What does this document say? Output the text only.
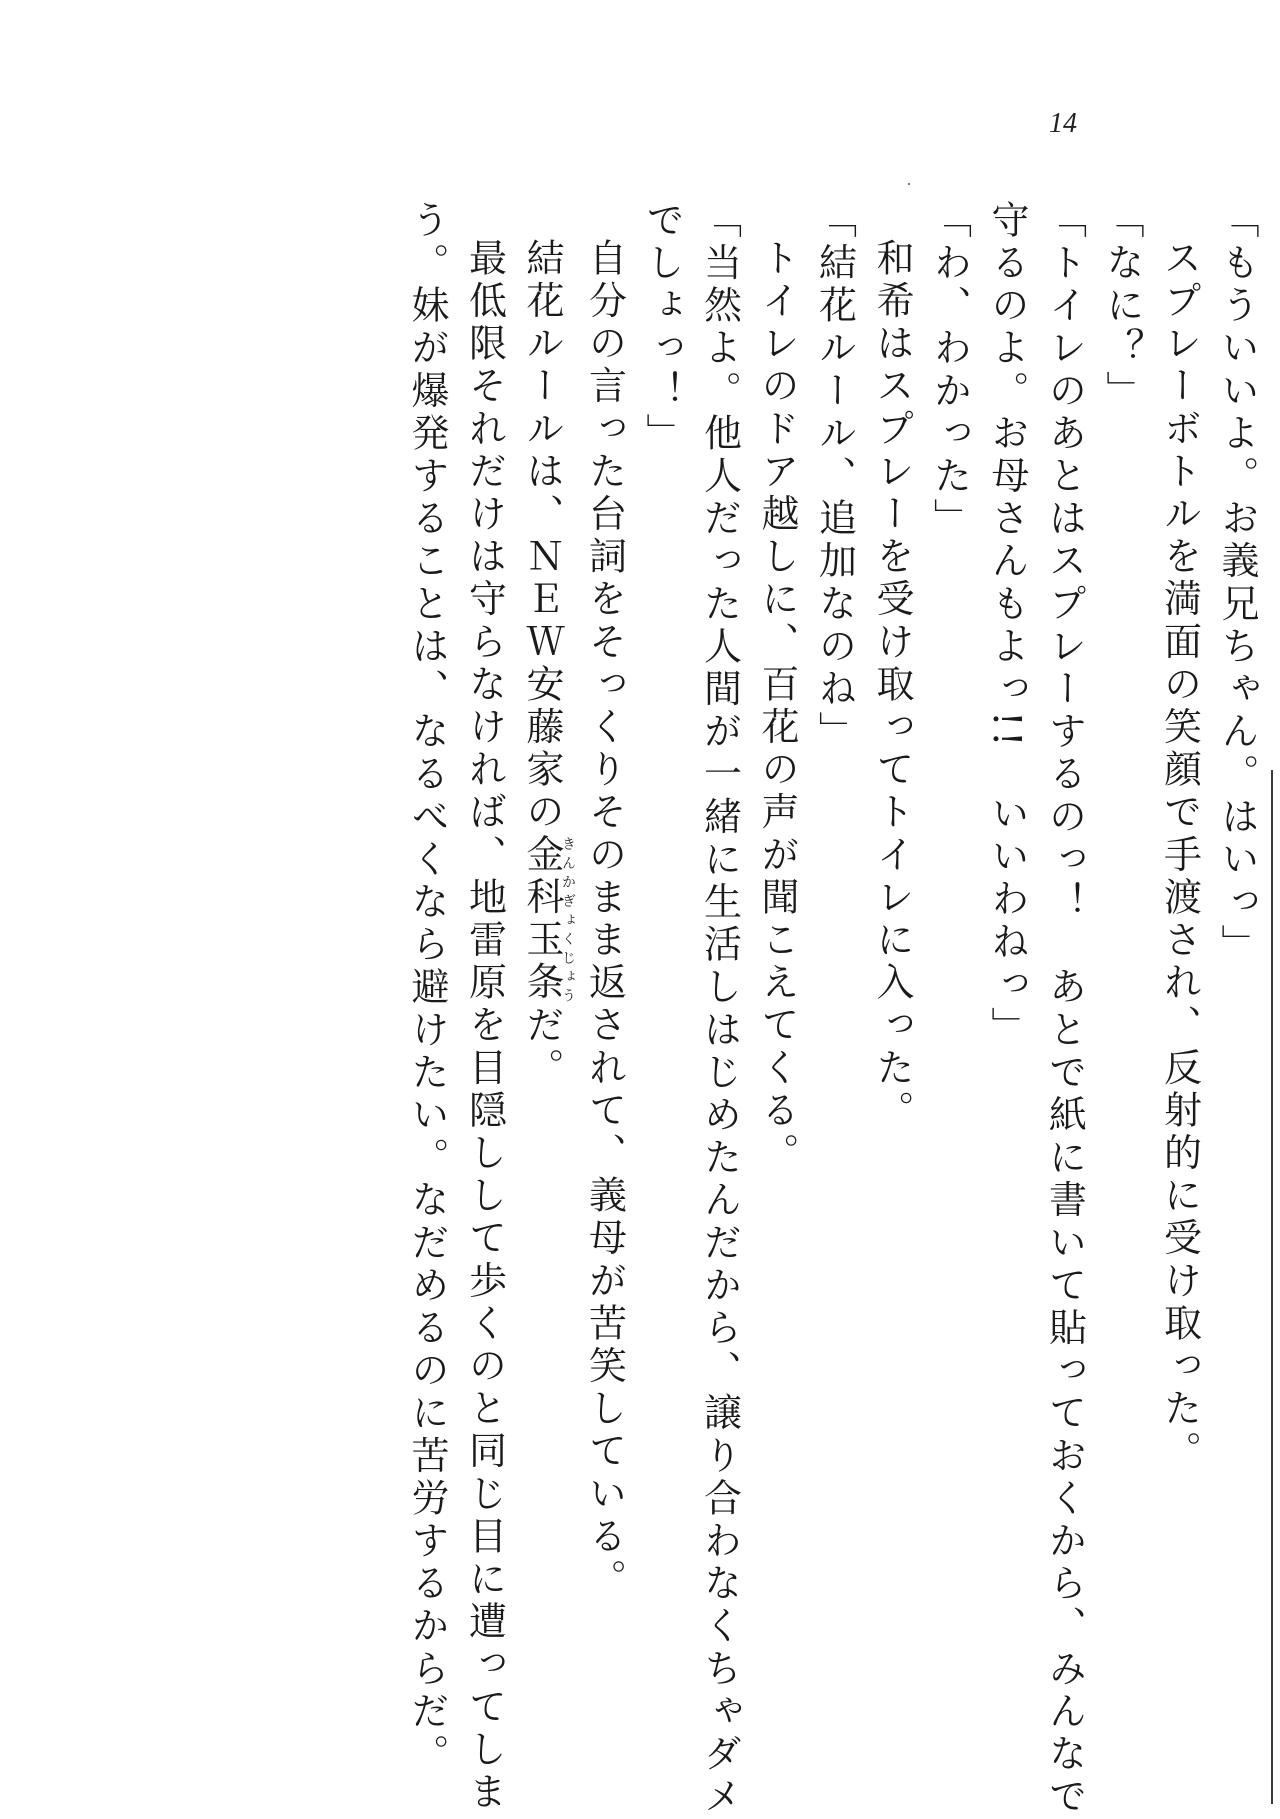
14
「もういいよ。お義兄ちゃん。はいっ」
スプレーボトルを満面の笑顔で手渡され、反射的に受け取った。
「なに？」
「トイレのあとはスプレーするのっ！　あとで紙に書いて貼っておくから、みんなで
守るのよ。お母さんもよっ!!　いいわねっ」
「わ、わかった」
和希はスプレーを受け取ってトイレに入った。
「結花ルール、追加なのね」
トイレのドア越しに、百花の声が聞こえてくる。
「当然よ。他人だった人間が一緒に生活しはじめたんだから、譲り合わなくちゃダメ
でしょっ！」
自分の言った台詞をそっくりそのまま返されて、義母が苦笑している。
結花ルールは、ＮＥＷ安藤家の金科玉条きんかぎょくじょうだ。
最低限それだけは守らなければ、地雷原を目隠しして歩くのと同じ目に遭ってしま
う。妹が爆発することは、なるべくなら避けたい。なだめるのに苦労するからだ。
